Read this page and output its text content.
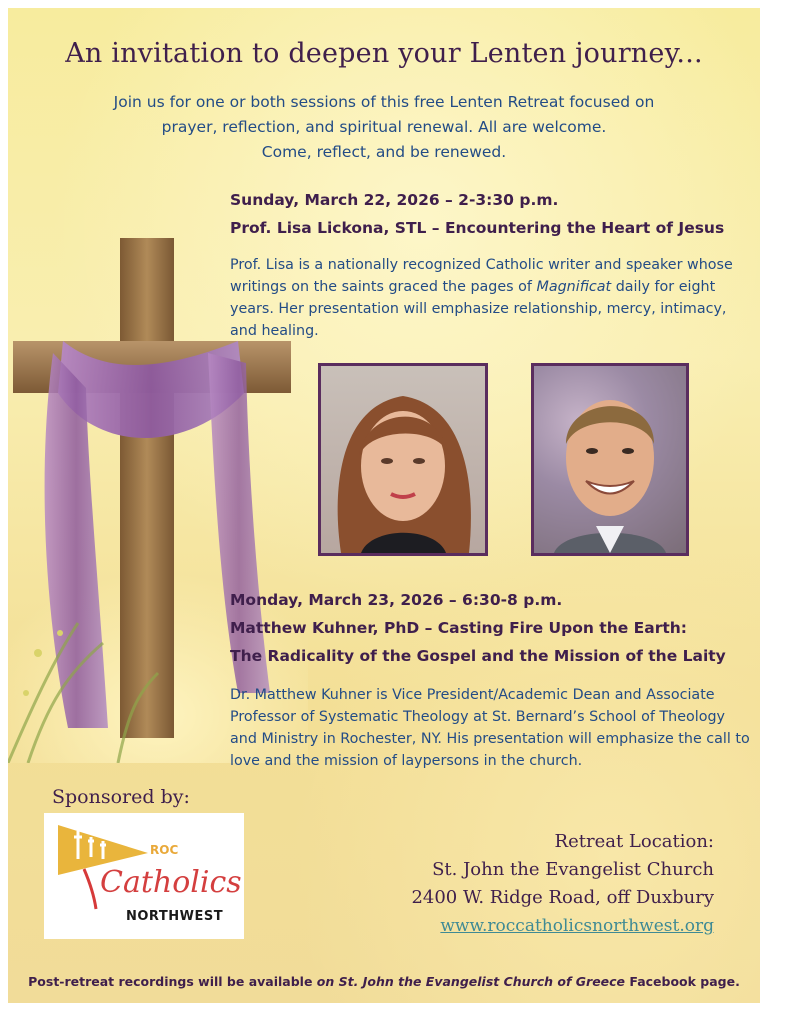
An invitation to deepen your Lenten journey...
Join us for one or both sessions of this free Lenten Retreat focused on
prayer, reflection, and spiritual renewal. All are welcome.
Come, reflect, and be renewed.
Sunday, March 22, 2026 – 2-3:30 p.m.
Prof. Lisa Lickona, STL – Encountering the Heart of Jesus
Prof. Lisa is a nationally recognized Catholic writer and speaker whose writings on the saints graced the pages of Magnificat daily for eight years. Her presentation will emphasize relationship, mercy, intimacy, and healing.
Monday, March 23, 2026 – 6:30-8 p.m.
Matthew Kuhner, PhD – Casting Fire Upon the Earth:
The Radicality of the Gospel and the Mission of the Laity
Dr. Matthew Kuhner is Vice President/Academic Dean and Associate Professor of Systematic Theology at St. Bernard’s School of Theology and Ministry in Rochester, NY. His presentation will emphasize the call to love and the mission of laypersons in the church.
Sponsored by:
ROC
Catholics
NORTHWEST
Retreat Location:
St. John the Evangelist Church
2400 W. Ridge Road, off Duxbury
www.roccatholicsnorthwest.org
Post-retreat recordings will be available on St. John the Evangelist Church of Greece Facebook page.
